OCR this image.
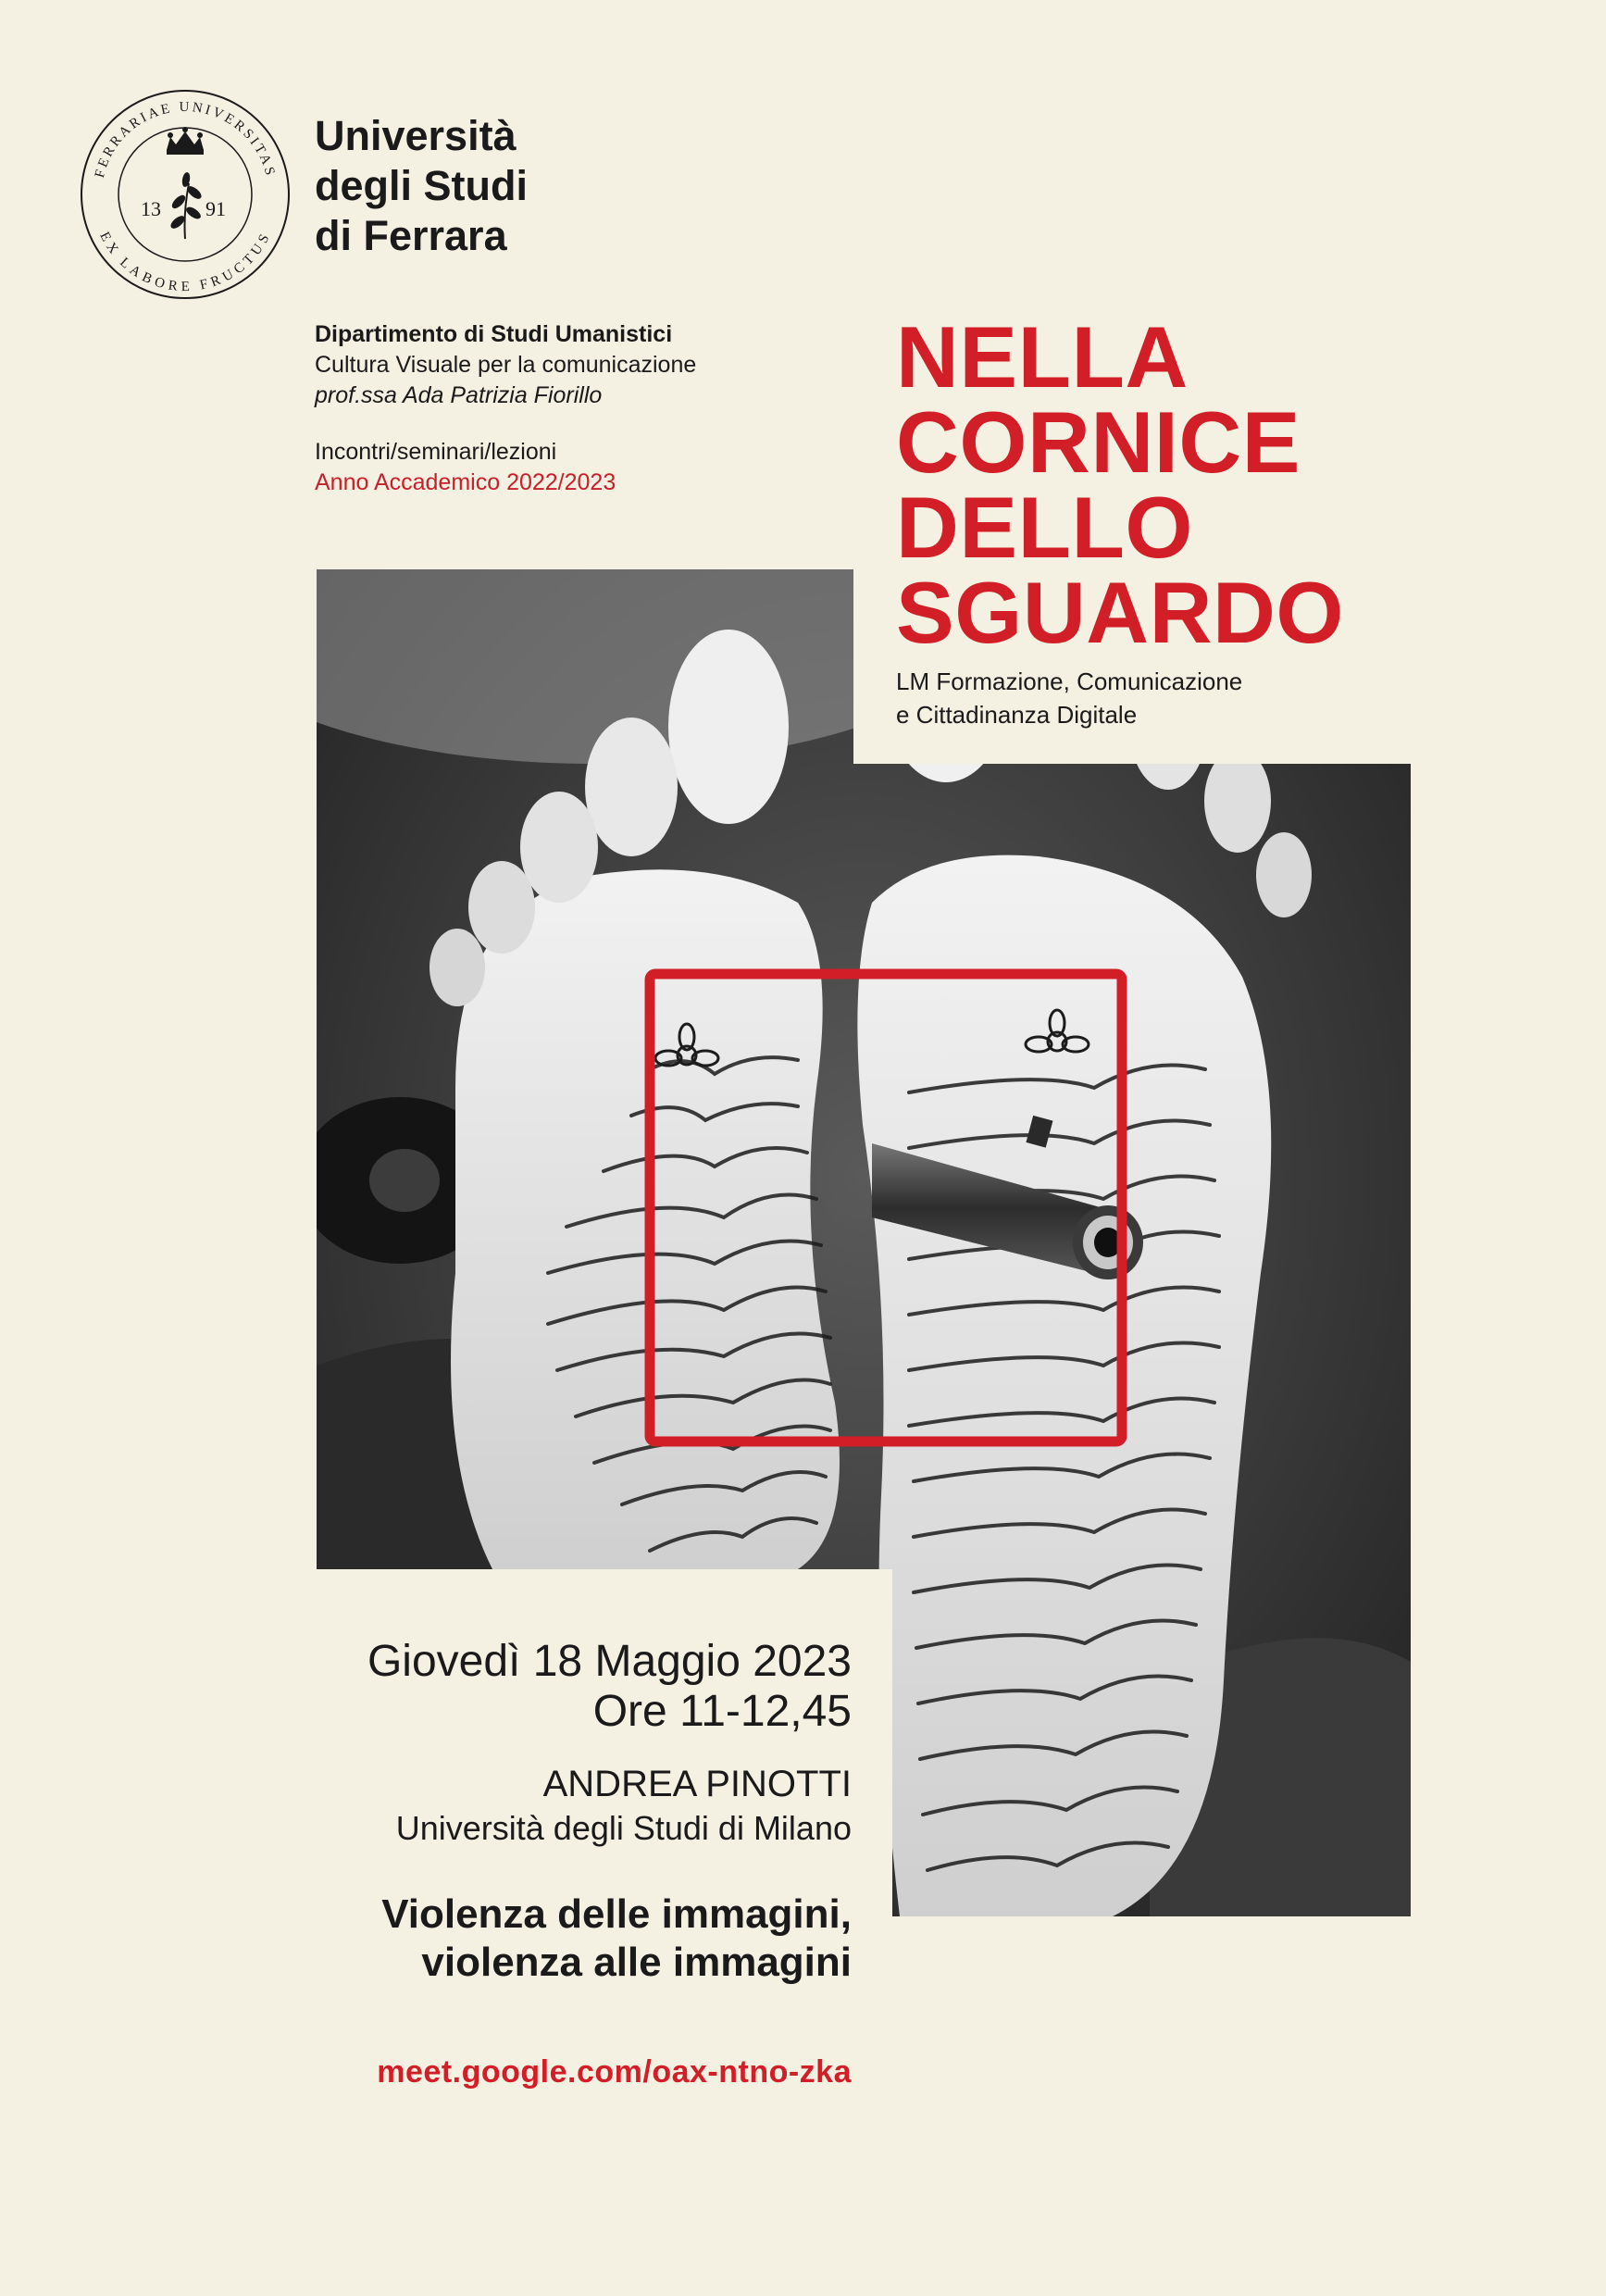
FERRARIAE UNIVERSITAS
EX LABORE FRUCTUS
13 91
Università
degli Studi
di Ferrara
Dipartimento di Studi Umanistici
Cultura Visuale per la comunicazione
prof.ssa Ada Patrizia Fiorillo
Incontri/seminari/lezioni
Anno Accademico 2022/2023
NELLA
CORNICE
DELLO
SGUARDO
LM Formazione, Comunicazione
e Cittadinanza Digitale
Giovedì 18 Maggio 2023
Ore 11-12,45
ANDREA PINOTTI
Università degli Studi di Milano
Violenza delle immagini,
violenza alle immagini
meet.google.com/oax-ntno-zka
